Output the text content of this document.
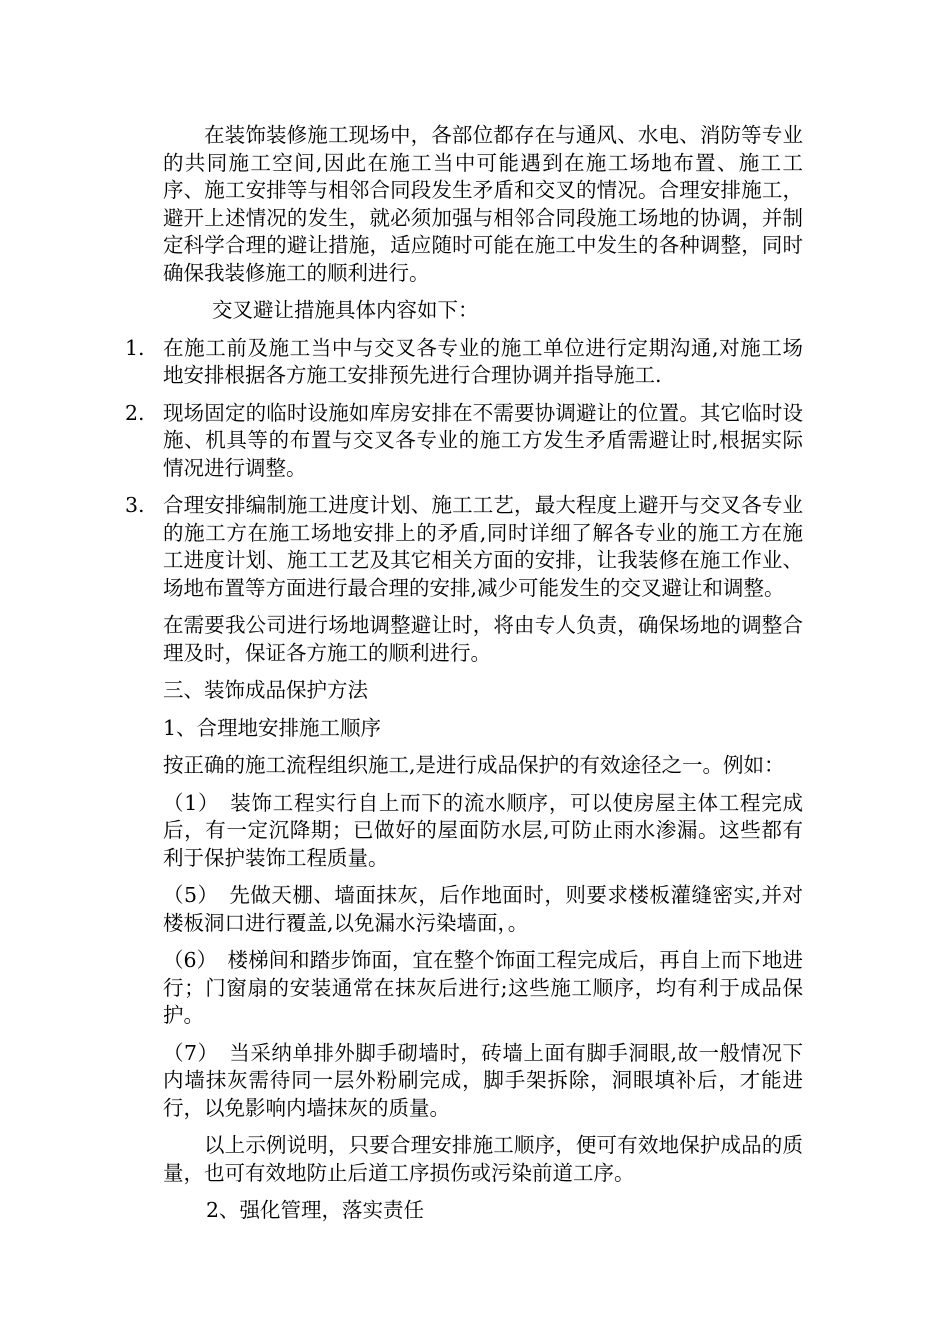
在装饰装修施工现场中，各部位都存在与通风、水电、消防等专业的共同施工空间,因此在施工当中可能遇到在施工场地布置、施工工序、施工安排等与相邻合同段发生矛盾和交叉的情况。合理安排施工，避开上述情况的发生，就必须加强与相邻合同段施工场地的协调，并制定科学合理的避让措施，适应随时可能在施工中发生的各种调整，同时确保我装修施工的顺利进行。

交叉避让措施具体内容如下：

1. 在施工前及施工当中与交叉各专业的施工单位进行定期沟通,对施工场地安排根据各方施工安排预先进行合理协调并指导施工.
2. 现场固定的临时设施如库房安排在不需要协调避让的位置。其它临时设施、机具等的布置与交叉各专业的施工方发生矛盾需避让时,根据实际情况进行调整。
3. 合理安排编制施工进度计划、施工工艺，最大程度上避开与交叉各专业的施工方在施工场地安排上的矛盾,同时详细了解各专业的施工方在施工进度计划、施工工艺及其它相关方面的安排，让我装修在施工作业、场地布置等方面进行最合理的安排,减少可能发生的交叉避让和调整。

在需要我公司进行场地调整避让时，将由专人负责，确保场地的调整合理及时，保证各方施工的顺利进行。

三、装饰成品保护方法

1、合理地安排施工顺序

按正确的施工流程组织施工,是进行成品保护的有效途径之一。例如：

（1）　装饰工程实行自上而下的流水顺序，可以使房屋主体工程完成后，有一定沉降期；已做好的屋面防水层,可防止雨水渗漏。这些都有利于保护装饰工程质量。

（5）　先做天棚、墙面抹灰，后作地面时，则要求楼板灌缝密实,并对楼板洞口进行覆盖,以免漏水污染墙面，。

（6）　楼梯间和踏步饰面，宜在整个饰面工程完成后，再自上而下地进行；门窗扇的安装通常在抹灰后进行;这些施工顺序，均有利于成品保护。

（7）　当采纳单排外脚手砌墙时，砖墙上面有脚手洞眼,故一般情况下内墙抹灰需待同一层外粉刷完成，脚手架拆除，洞眼填补后，才能进行，以免影响内墙抹灰的质量。

以上示例说明，只要合理安排施工顺序，便可有效地保护成品的质量，也可有效地防止后道工序损伤或污染前道工序。

2、强化管理，落实责任
